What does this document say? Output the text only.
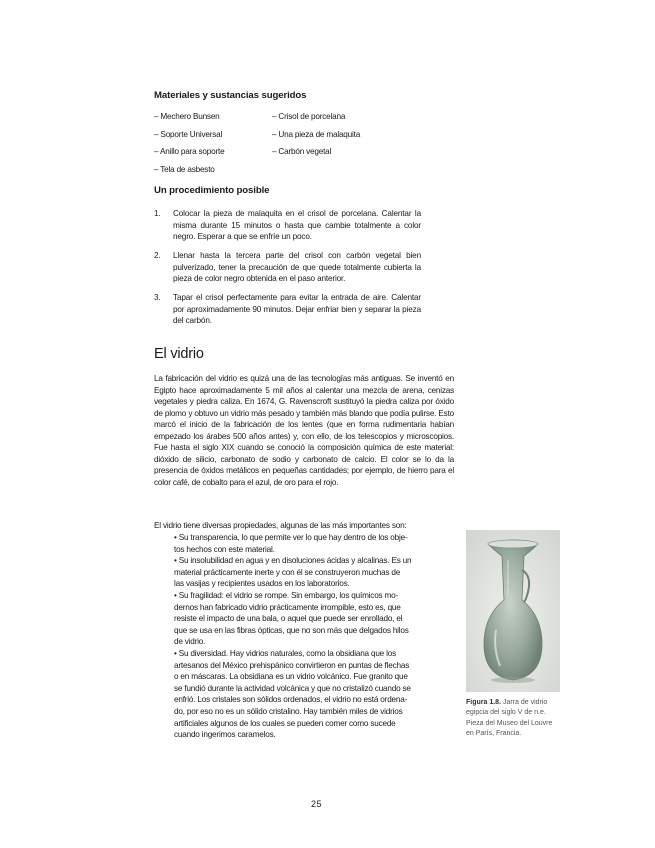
Materiales y sustancias sugeridos
– Mechero Bunsen
– Soporte Universal
– Anillo para soporte
– Tela de asbesto
– Crisol de porcelana
– Una pieza de malaquita
– Carbón vegetal
Un procedimiento posible
1. Colocar la pieza de malaquita en el crisol de porcelana. Calentar la misma durante 15 minutos o hasta que cambie totalmente a color negro. Esperar a que se enfríe un poco.
2. Llenar hasta la tercera parte del crisol con carbón vegetal bien pulverizado, tener la precaución de que quede totalmente cubierta la pieza de color negro obtenida en el paso anterior.
3. Tapar el crisol perfectamente para evitar la entrada de aire. Calentar por aproximadamente 90 minutos. Dejar enfriar bien y separar la pieza del carbón.
El vidrio
La fabricación del vidrio es quizá una de las tecnologías más antiguas. Se inventó en Egipto hace aproximadamente 5 mil años al calentar una mezcla de arena, cenizas vegetales y piedra caliza. En 1674, G. Ravenscroft sustituyó la piedra caliza por óxido de plomo y obtuvo un vidrio más pesado y también más blando que podía pulirse. Esto marcó el inicio de la fabricación de los lentes (que en forma rudimentaria habían empezado los árabes 500 años antes) y, con ello, de los telescopios y microscopios. Fue hasta el siglo XIX cuando se conoció la composición química de este material: dióxido de silicio, carbonato de sodio y carbonato de calcio. El color se lo da la presencia de óxidos metálicos en pequeñas cantidades; por ejemplo, de hierro para el color café, de cobalto para el azul, de oro para el rojo.
El vidrio tiene diversas propiedades, algunas de las más importantes son:
• Su transparencia, lo que permite ver lo que hay dentro de los obje-
tos hechos con este material.
• Su insolubilidad en agua y en disoluciones ácidas y alcalinas. Es un
material prácticamente inerte y con él se construyeron muchas de
las vasijas y recipientes usados en los laboratorios.
• Su fragilidad: el vidrio se rompe. Sin embargo, los químicos mo-
dernos han fabricado vidrio prácticamente irrompible, esto es, que
resiste el impacto de una bala, o aquel que puede ser enrollado, el
que se usa en las fibras ópticas, que no son más que delgados hilos
de vidrio.
• Su diversidad. Hay vidrios naturales, como la obsidiana que los
artesanos del México prehispánico convirtieron en puntas de flechas
o en máscaras. La obsidiana es un vidrio volcánico. Fue granito que
se fundió durante la actividad volcánica y que no cristalizó cuando se
enfrió. Los cristales son sólidos ordenados, el vidrio no está ordena-
do, por eso no es un sólido cristalino. Hay también miles de vidrios
artificiales algunos de los cuales se pueden comer como sucede
cuando ingerimos caramelos.
Figura 1.8. Jarra de vidrio egipcia del siglo V de n.e. Pieza del Museo del Louvre en París, Francia.
25
